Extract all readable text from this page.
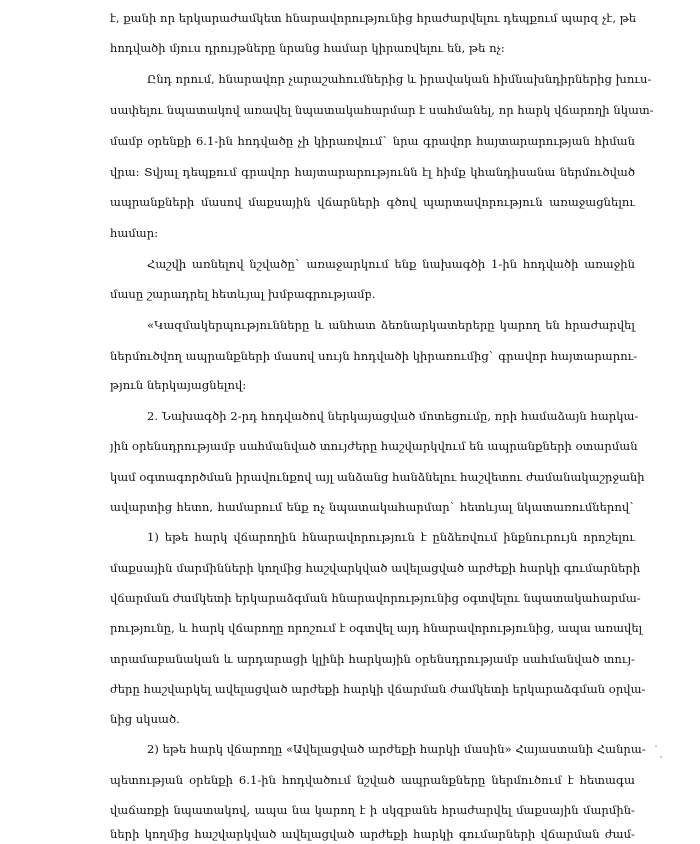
է, քանի որ երկարաժամկետ հնարավորությունից հրաժարվելու դեպքում պարզ չէ, թե
հոդվածի մյուս դրույթները նրանց համար կիրառվելու են, թե ոչ:
Ընդ որում, հնարավոր չարաշահումներից և իրավական հիմնախնդիրներից խուս-
սափելու նպատակով առավել նպատակահարմար է սահմանել, որ հարկ վճարողի նկատ-
մամբ օրենքի 6.1-ին հոդվածը չի կիրառվում` նրա գրավոր հայտարարության հիման
վրա: Տվյալ դեպքում գրավոր հայտարարությունն էլ հիմք կհանդիսանա ներմուծված
ապրանքների մասով մաքսային վճարների գծով պարտավորություն առաջացնելու
համար:
Հաշվի առնելով նշվածը` առաջարկում ենք նախագծի 1-ին հոդվածի առաջին
մասը շարադրել հետևյալ խմբագրությամբ.
«Կազմակերպությունները և անհատ ձեռնարկատերերը կարող են հրաժարվել
ներմուծվող ապրանքների մասով սույն հոդվածի կիրառումից` գրավոր հայտարարու-
թյուն ներկայացնելով:
2. Նախագծի 2-րդ հոդվածով ներկայացված մոտեցումը, որի համաձայն հարկա-
յին օրենսդրությամբ սահմանված տույժերը հաշվարկվում են ապրանքների օտարման
կամ օգտագործման իրավունքով այլ անձանց հանձնելու հաշվետու ժամանակաշրջանի
ավարտից հետո, համարում ենք ոչ նպատակահարմար` հետևյալ նկատառումներով`
1) եթե հարկ վճարողին հնարավորություն է ընձեռվում ինքնուրույն որոշելու
մաքսային մարմինների կողմից հաշվարկված ավելացված արժեքի հարկի գումարների
վճարման ժամկետի երկարաձգման հնարավորությունից օգտվելու նպատակահարմա-
րությունը, և հարկ վճարողը որոշում է օգտվել այդ հնարավորությունից, ապա առավել
տրամաբանական և արդարացի կլինի հարկային օրենսդրությամբ սահմանված տույ-
ժերը հաշվարկել ավելացված արժեքի հարկի վճարման ժամկետի երկարաձգման օրվա-
նից սկսած.
2) եթե հարկ վճարողը «Ավելացված արժեքի հարկի մասին» Հայաստանի Հանրա-
պետության օրենքի 6.1-ին հոդվածում նշված ապրանքները ներմուծում է հետագա
վաճառքի նպատակով, ապա նա կարող է ի սկզբանե հրաժարվել մաքսային մարմին-
ների կողմից հաշվարկված ավելացված արժեքի հարկի գումարների վճարման ժամ-
